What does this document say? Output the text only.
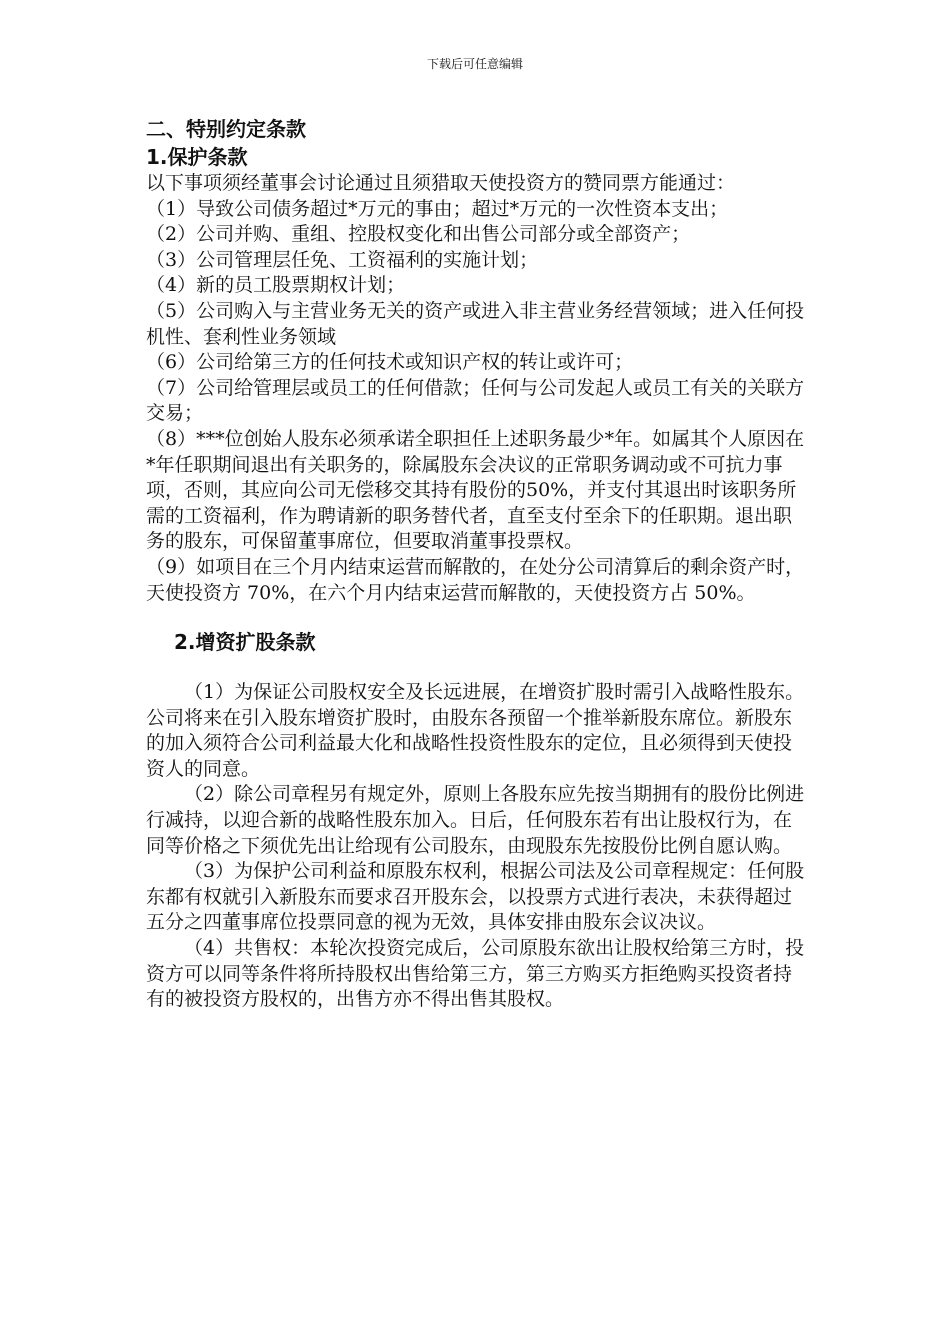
下载后可任意编辑
二、特别约定条款
1.保护条款

以下事项须经董事会讨论通过且须猎取天使投资方的赞同票方能通过：

（1）导致公司债务超过*万元的事由；超过*万元的一次性资本支出；

（2）公司并购、重组、控股权变化和出售公司部分或全部资产；

（3）公司管理层任免、工资福利的实施计划；

（4）新的员工股票期权计划；

（5）公司购入与主营业务无关的资产或进入非主营业务经营领域；进入任何投机性、套利性业务领域

（6）公司给第三方的任何技术或知识产权的转让或许可；

（7）公司给管理层或员工的任何借款；任何与公司发起人或员工有关的关联方交易；

（8）***位创始人股东必须承诺全职担任上述职务最少*年。如属其个人原因在*年任职期间退出有关职务的，除属股东会决议的正常职务调动或不可抗力事项，否则，其应向公司无偿移交其持有股份的50%，并支付其退出时该职务所需的工资福利，作为聘请新的职务替代者，直至支付至余下的任职期。退出职务的股东，可保留董事席位，但要取消董事投票权。

（9）如项目在三个月内结束运营而解散的，在处分公司清算后的剩余资产时，天使投资方 70%，在六个月内结束运营而解散的，天使投资方占 50%。

2.增资扩股条款

（1）为保证公司股权安全及长远进展，在增资扩股时需引入战略性股东。公司将来在引入股东增资扩股时，由股东各预留一个推举新股东席位。新股东的加入须符合公司利益最大化和战略性投资性股东的定位，且必须得到天使投资人的同意。

（2）除公司章程另有规定外，原则上各股东应先按当期拥有的股份比例进行减持，以迎合新的战略性股东加入。日后，任何股东若有出让股权行为，在同等价格之下须优先出让给现有公司股东，由现股东先按股份比例自愿认购。

（3）为保护公司利益和原股东权利，根据公司法及公司章程规定：任何股东都有权就引入新股东而要求召开股东会，以投票方式进行表决，未获得超过五分之四董事席位投票同意的视为无效，具体安排由股东会议决议。

（4）共售权：本轮次投资完成后，公司原股东欲出让股权给第三方时，投资方可以同等条件将所持股权出售给第三方，第三方购买方拒绝购买投资者持有的被投资方股权的，出售方亦不得出售其股权。
